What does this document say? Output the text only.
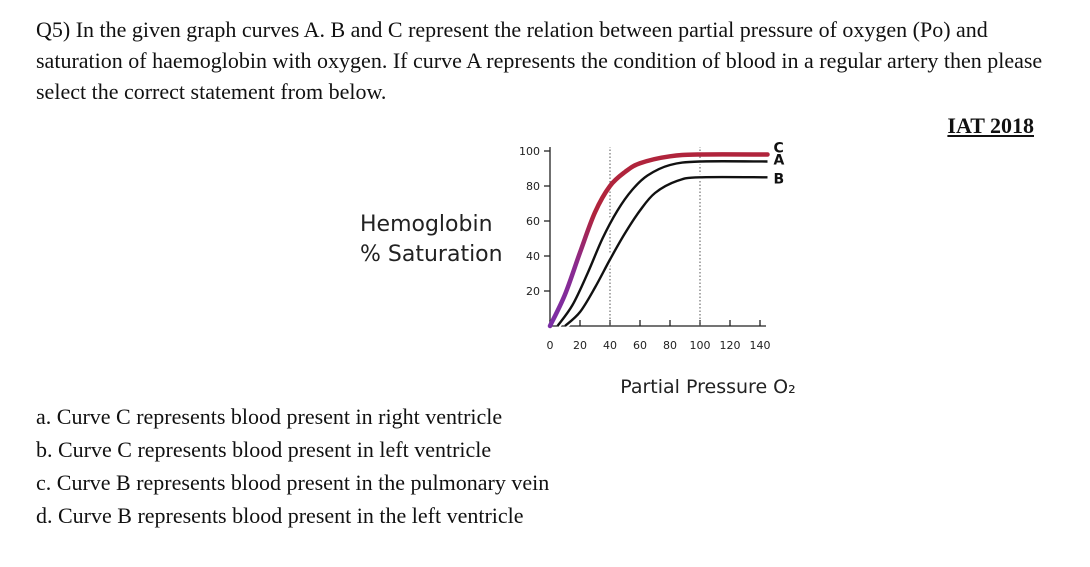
Q5) In the given graph curves A. B and C represent the relation between partial pressure of oxygen (Po) and saturation of haemoglobin with oxygen. If curve A represents the condition of blood in a regular artery then please select the correct statement from below.

IAT 2018
Hemoglobin
% Saturation
20
40
60
80
100
0 20 40 60 80 100 120 140
Partial Pressure O₂
C
A
B
a. Curve C represents blood present in right ventricle
b. Curve C represents blood present in left ventricle
c. Curve B represents blood present in the pulmonary vein
d. Curve B represents blood present in the left ventricle
